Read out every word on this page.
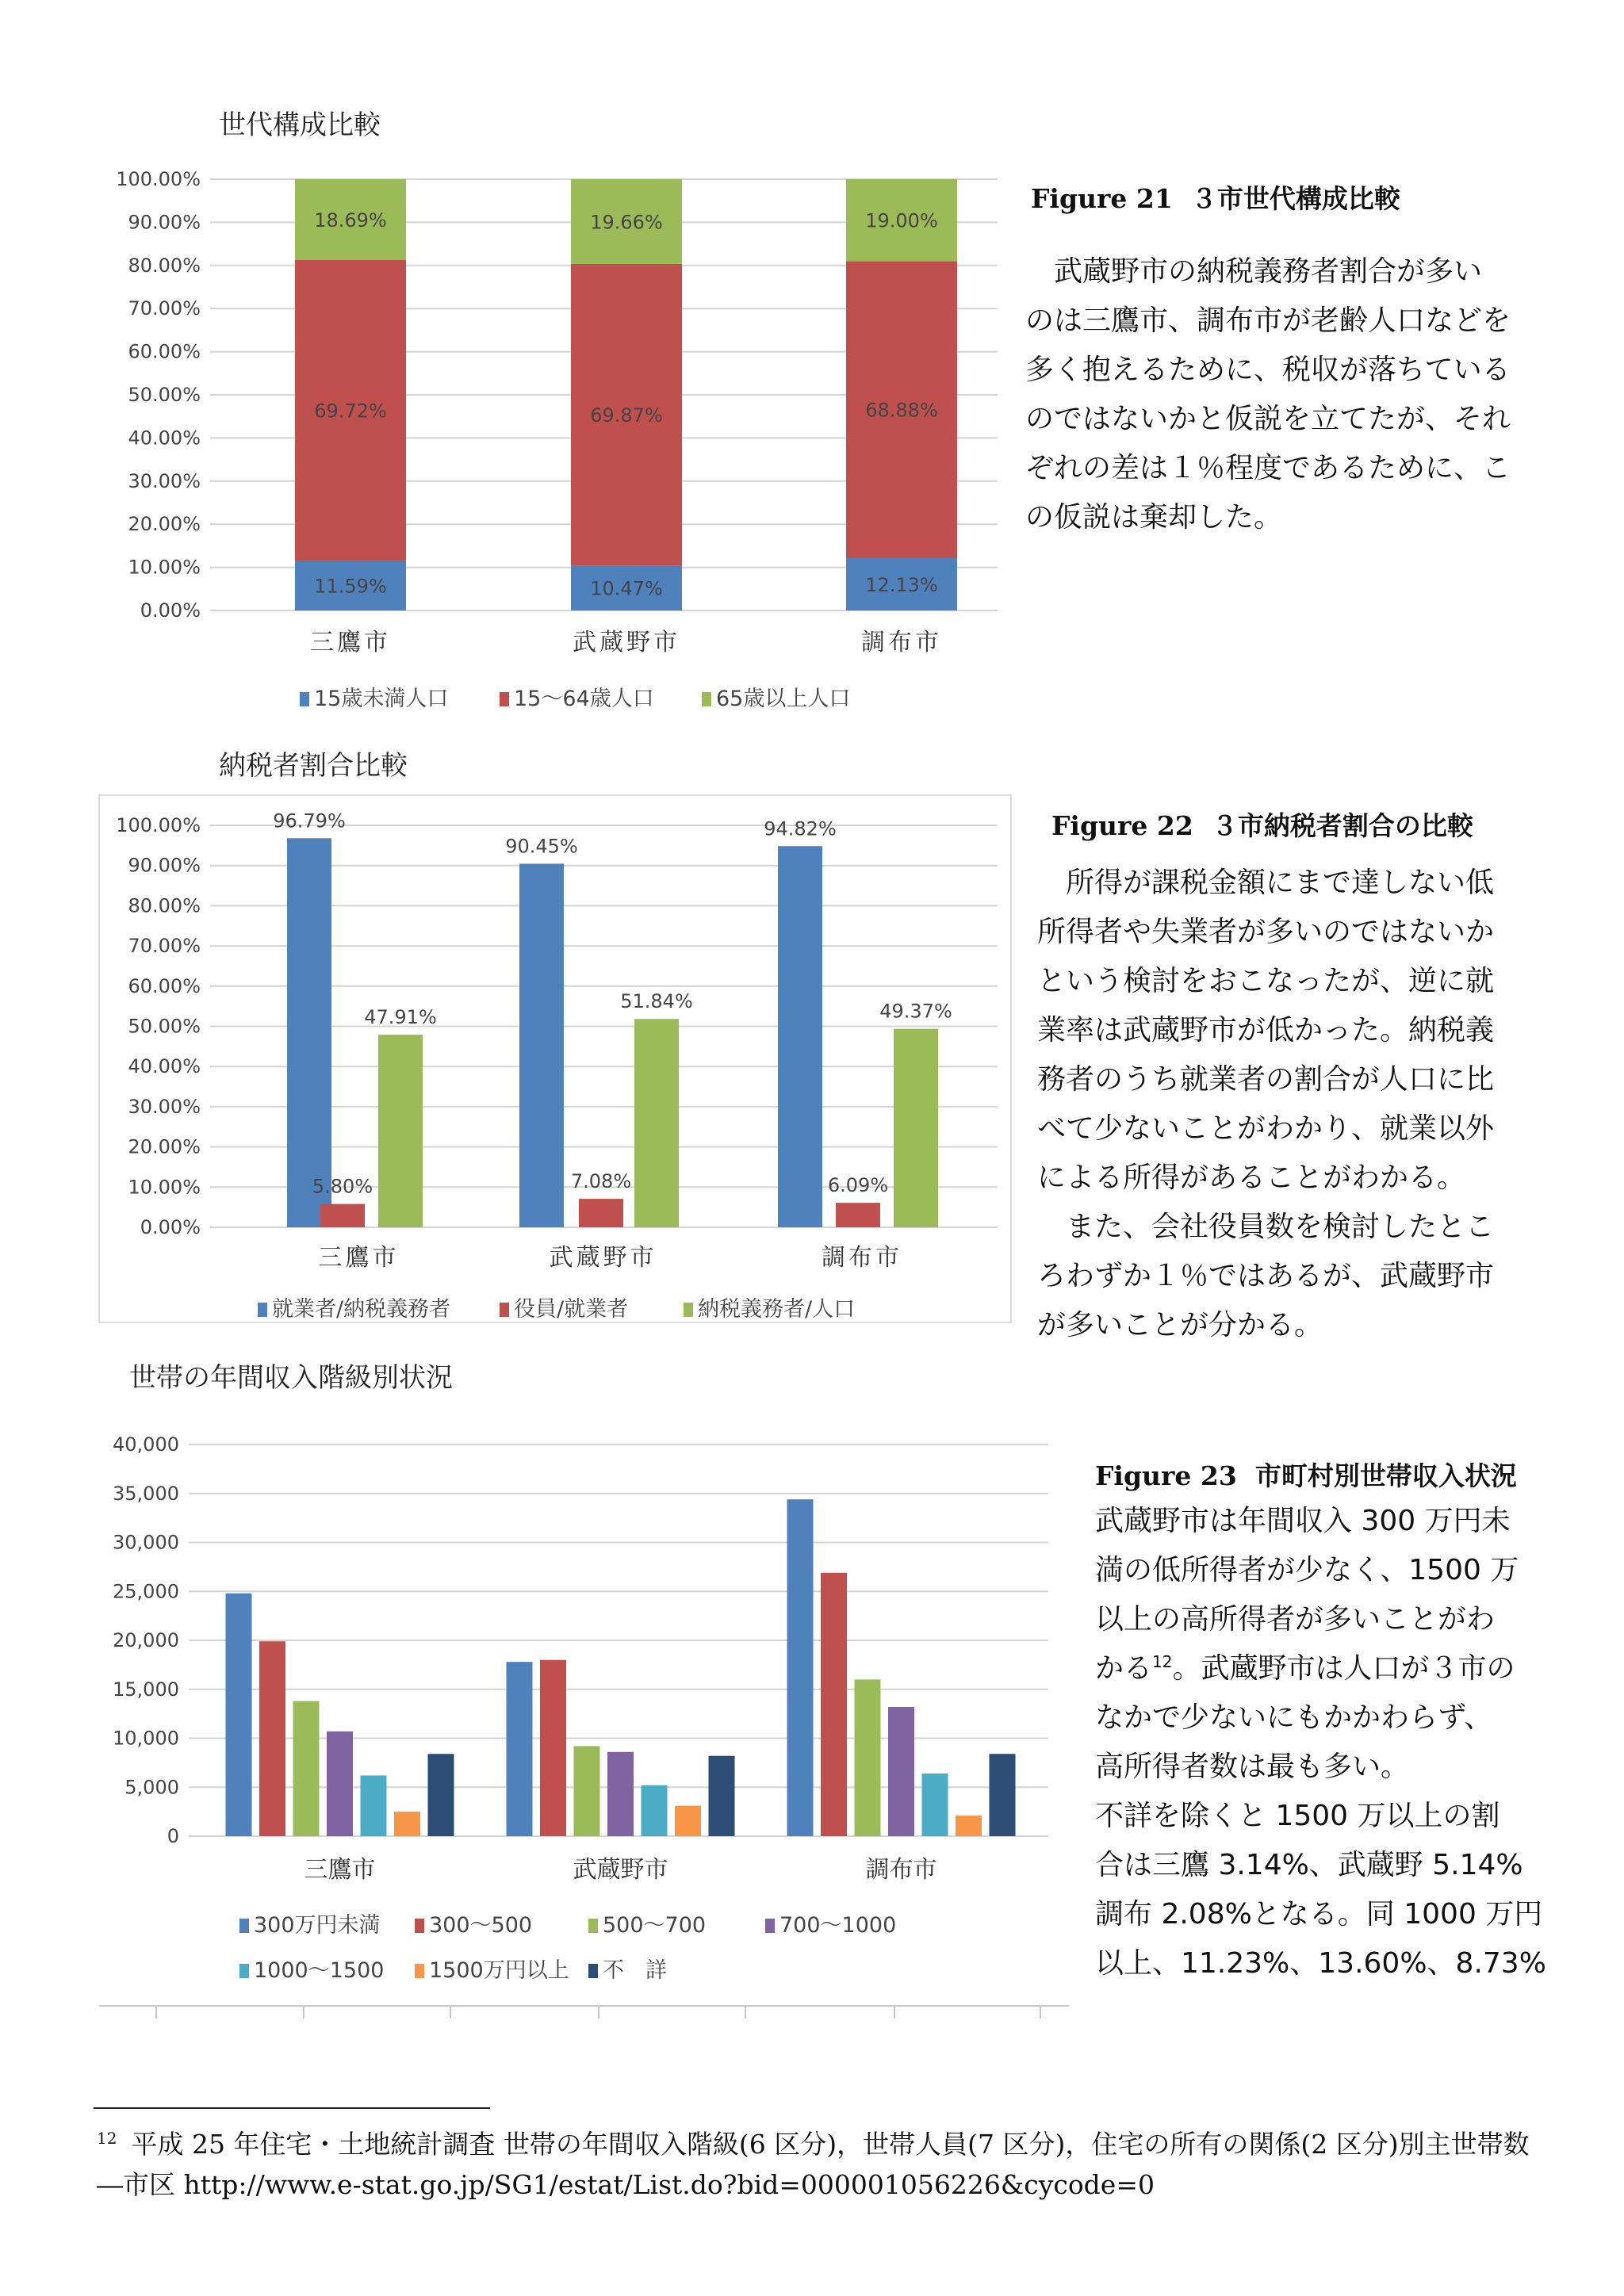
世代構成比較
0.00%
10.00%
20.00%
30.00%
40.00%
50.00%
60.00%
70.00%
80.00%
90.00%
100.00%
11.59%
69.72%
18.69%
三鷹市
10.47%
69.87%
19.66%
武蔵野市
12.13%
68.88%
19.00%
調布市
15歳未満人口	15～64歳人口	65歳以上人口
納税者割合比較
0.00%
10.00%
20.00%
30.00%
40.00%
50.00%
60.00%
70.00%
80.00%
90.00%
100.00%	96.79%
5.80%
47.91%
三鷹市
90.45%
7.08%
51.84%
武蔵野市
94.82%
6.09%
49.37%
調布市
就業者/納税義務者	役員/就業者	納税義務者/人口
世帯の年間収入階級別状況
0
5,000
10,000
15,000
20,000
25,000
30,000
35,000
40,000
三鷹市	武蔵野市	調布市
300万円未満 300～500	500～700	700～1000
1000～1500 1500万円以上 不　詳
Figure 21 ３市世代構成比較
武蔵野市の納税義務者割合が多い
のは三鷹市、調布市が老齢人口などを
多く抱えるために、税収が落ちている
のではないかと仮説を立てたが、それ
ぞれの差は１％程度であるために、こ
の仮説は棄却した。
Figure 22 ３市納税者割合の比較
所得が課税金額にまで達しない低
所得者や失業者が多いのではないか
という検討をおこなったが、逆に就
業率は武蔵野市が低かった。納税義
務者のうち就業者の割合が人口に比
べて少ないことがわかり、就業以外
による所得があることがわかる。
また、会社役員数を検討したとこ
ろわずか１％ではあるが、武蔵野市
が多いことが分かる。
Figure 23 市町村別世帯収入状況
武蔵野市は年間収入 300 万円未
満の低所得者が少なく、1500 万
以上の高所得者が多いことがわ
かる$^{12}$。武蔵野市は人口が３市の
なかで少ないにもかかわらず、
高所得者数は最も多い。
不詳を除くと 1500 万以上の割
合は三鷹 3.14%、武蔵野 5.14%
調布 2.08%となる。同 1000 万円
以上、11.23%、13.60%、8.73%
$^{12}$ 平成 25 年住宅・土地統計調査 世帯の年間収入階級(6 区分)，世帯人員(7 区分)，住宅の所有の関係(2 区分)別主世帯数―市区 http://www.e-stat.go.jp/SG1/estat/List.do?bid=000001056226&cycode=0
